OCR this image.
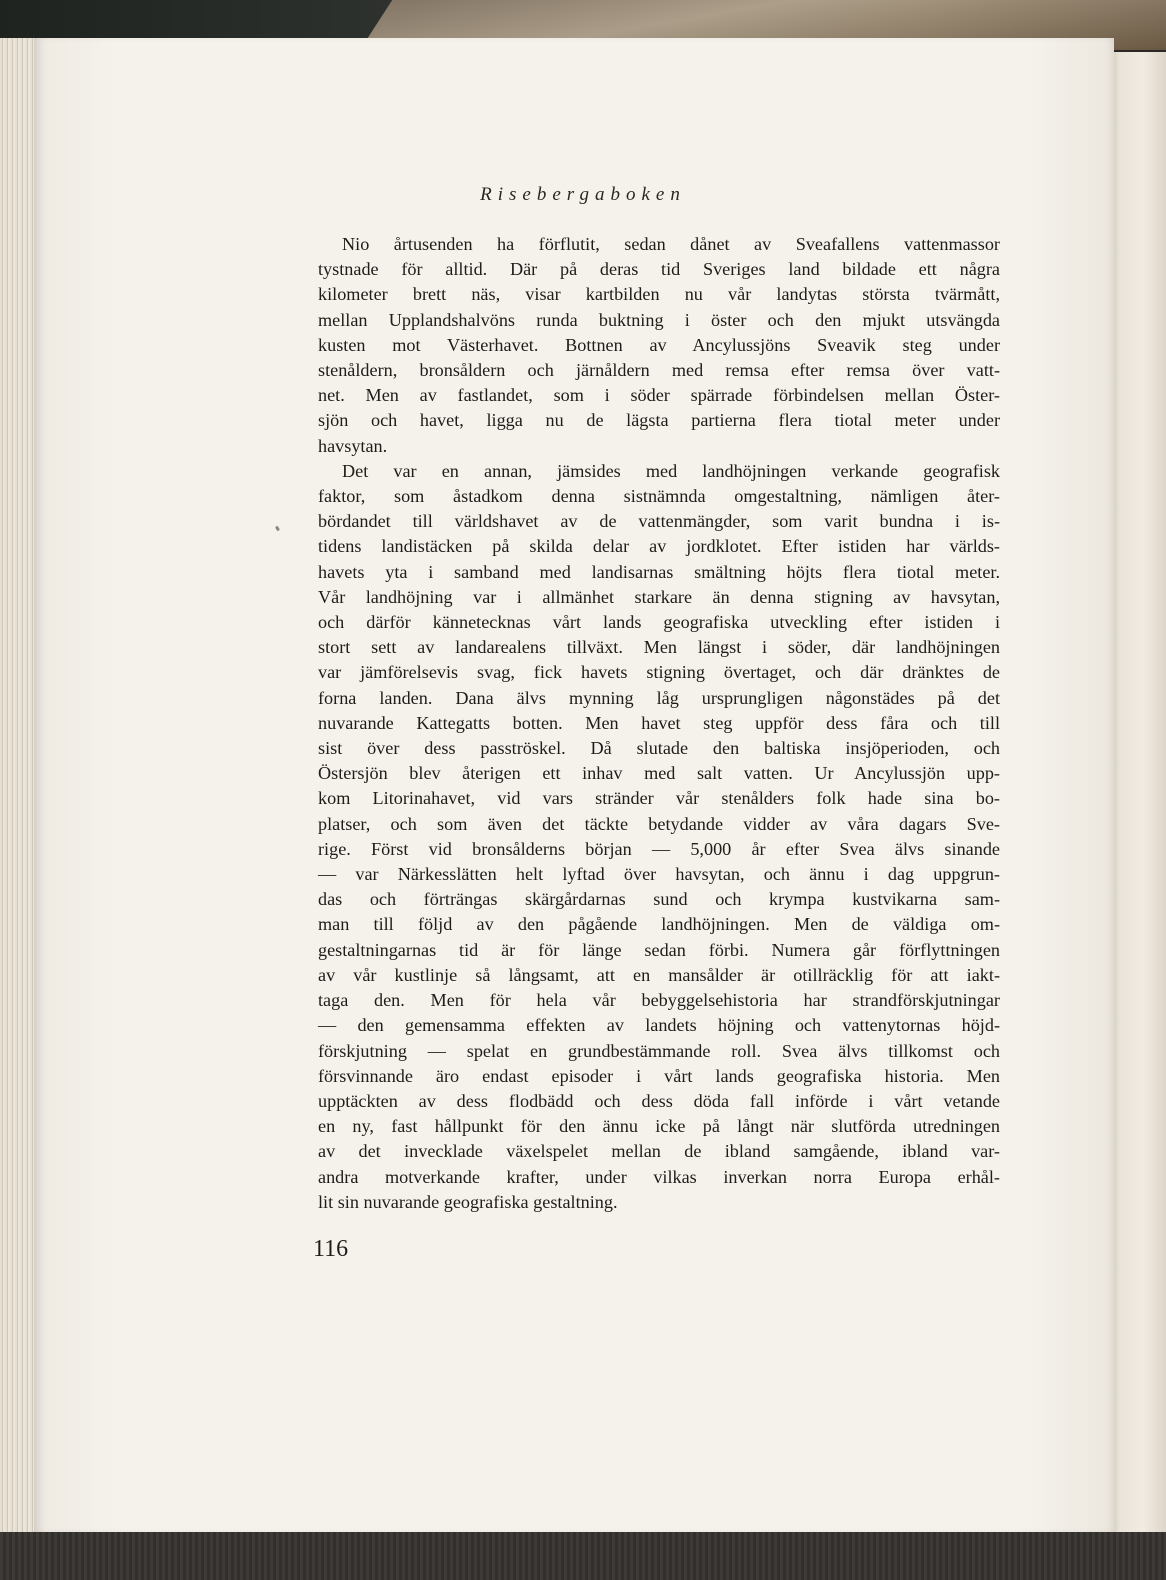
Risebergaboken
Nio årtusenden ha förflutit, sedan dånet av Sveafallens vattenmassor
tystnade för alltid. Där på deras tid Sveriges land bildade ett några
kilometer brett näs, visar kartbilden nu vår landytas största tvärmått,
mellan Upplandshalvöns runda buktning i öster och den mjukt utsvängda
kusten mot Västerhavet. Bottnen av Ancylussjöns Sveavik steg under
stenåldern, bronsåldern och järnåldern med remsa efter remsa över vatt-
net. Men av fastlandet, som i söder spärrade förbindelsen mellan Öster-
sjön och havet, ligga nu de lägsta partierna flera tiotal meter under
havsytan.
Det var en annan, jämsides med landhöjningen verkande geografisk
faktor, som åstadkom denna sistnämnda omgestaltning, nämligen åter-
bördandet till världshavet av de vattenmängder, som varit bundna i is-
tidens landistäcken på skilda delar av jordklotet. Efter istiden har världs-
havets yta i samband med landisarnas smältning höjts flera tiotal meter.
Vår landhöjning var i allmänhet starkare än denna stigning av havsytan,
och därför kännetecknas vårt lands geografiska utveckling efter istiden i
stort sett av landarealens tillväxt. Men längst i söder, där landhöjningen
var jämförelsevis svag, fick havets stigning övertaget, och där dränktes de
forna landen. Dana älvs mynning låg ursprungligen någonstädes på det
nuvarande Kattegatts botten. Men havet steg uppför dess fåra och till
sist över dess pasströskel. Då slutade den baltiska insjöperioden, och
Östersjön blev återigen ett inhav med salt vatten. Ur Ancylussjön upp-
kom Litorinahavet, vid vars stränder vår stenålders folk hade sina bo-
platser, och som även det täckte betydande vidder av våra dagars Sve-
rige. Först vid bronsålderns början — 5,000 år efter Svea älvs sinande
— var Närkesslätten helt lyftad över havsytan, och ännu i dag uppgrun-
das och förträngas skärgårdarnas sund och krympa kustvikarna sam-
man till följd av den pågående landhöjningen. Men de väldiga om-
gestaltningarnas tid är för länge sedan förbi. Numera går förflyttningen
av vår kustlinje så långsamt, att en mansålder är otillräcklig för att iakt-
taga den. Men för hela vår bebyggelsehistoria har strandförskjutningar
— den gemensamma effekten av landets höjning och vattenytornas höjd-
förskjutning — spelat en grundbestämmande roll. Svea älvs tillkomst och
försvinnande äro endast episoder i vårt lands geografiska historia. Men
upptäckten av dess flodbädd och dess döda fall införde i vårt vetande
en ny, fast hållpunkt för den ännu icke på långt när slutförda utredningen
av det invecklade växelspelet mellan de ibland samgående, ibland var-
andra motverkande krafter, under vilkas inverkan norra Europa erhål-
lit sin nuvarande geografiska gestaltning.
116
